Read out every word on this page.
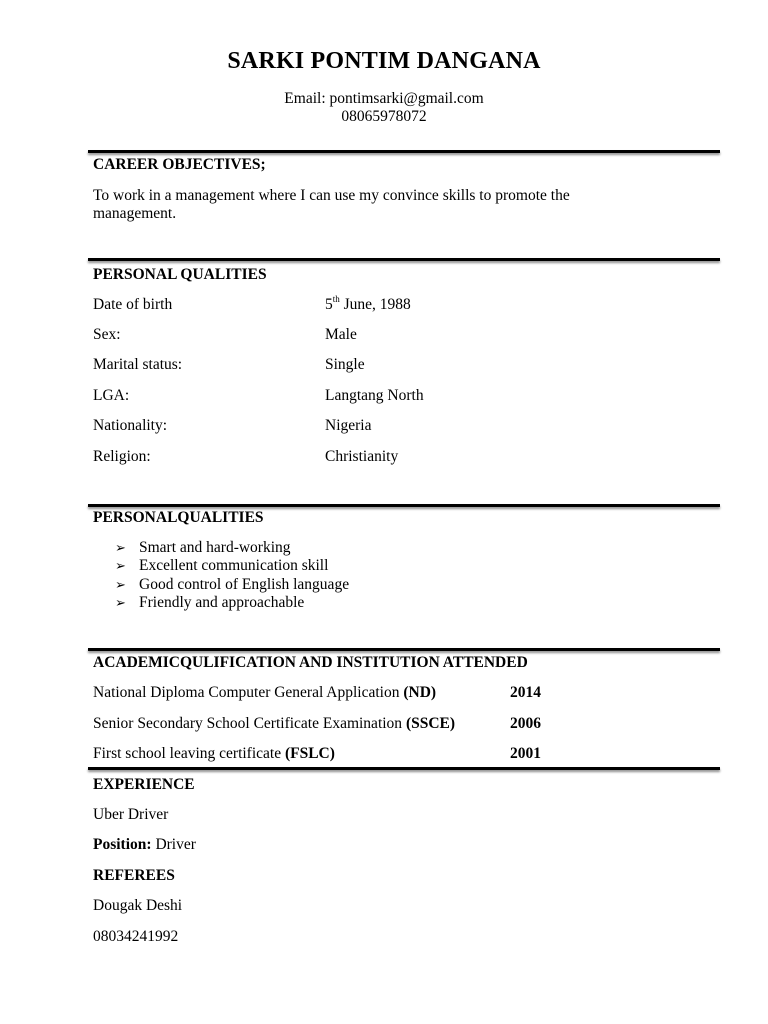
SARKI PONTIM DANGANA
Email: pontimsarki@gmail.com
08065978072
CAREER OBJECTIVES;
To work in a management where I can use my convince skills to promote the
management.
PERSONAL QUALITIES
Date of birth	5th June, 1988
Sex:	Male
Marital status:	Single
LGA:	Langtang North
Nationality:	Nigeria
Religion:	Christianity
PERSONALQUALITIES
➢ Smart and hard-working
➢ Excellent communication skill
➢ Good control of English language
➢ Friendly and approachable
ACADEMICQULIFICATION AND INSTITUTION ATTENDED
National Diploma Computer General Application (ND)	2014
Senior Secondary School Certificate Examination (SSCE)	2006
First school leaving certificate (FSLC)	2001
EXPERIENCE
Uber Driver
Position: Driver
REFEREES
Dougak Deshi
08034241992
